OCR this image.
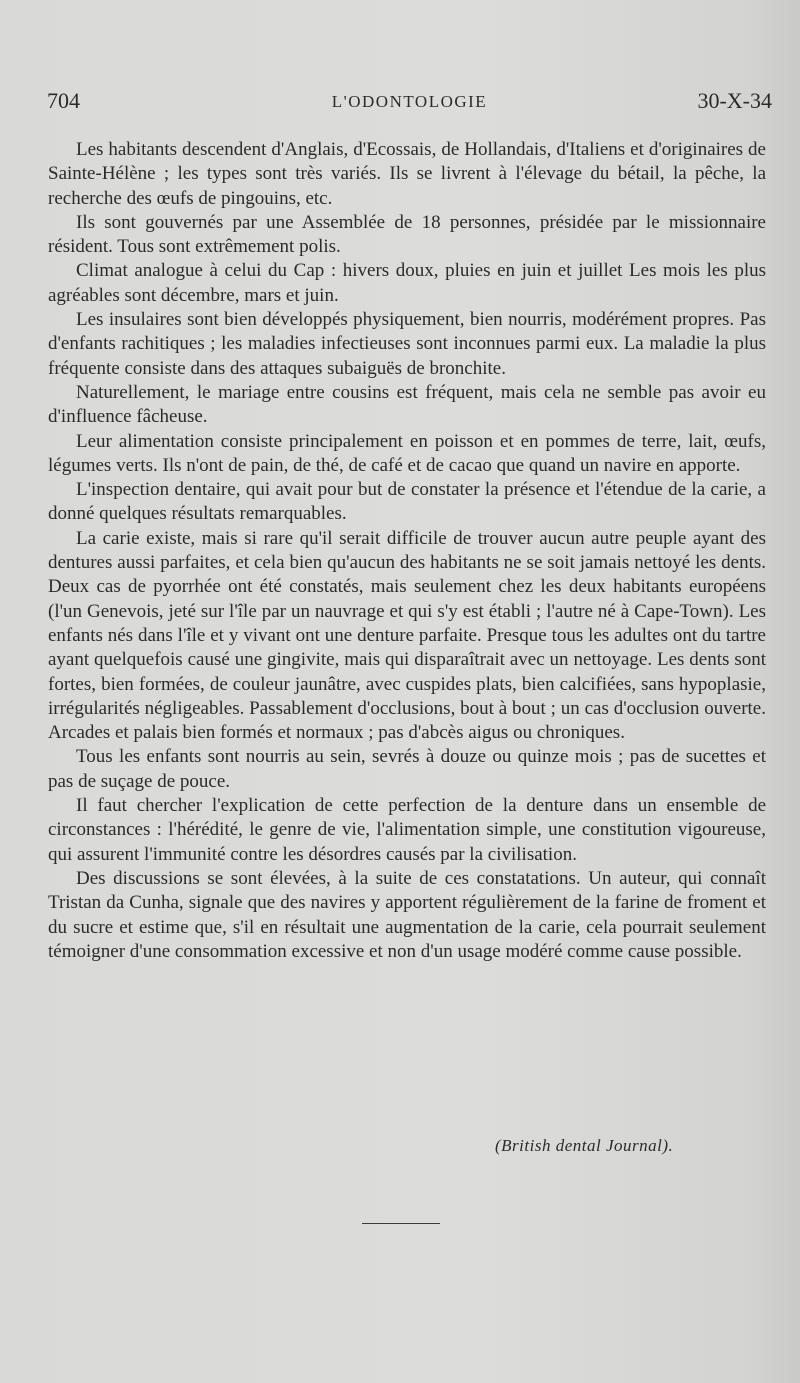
704	L'ODONTOLOGIE	30-X-34

Les habitants descendent d'Anglais, d'Ecossais, de Hollandais, d'Italiens et d'originaires de Sainte-Hélène ; les types sont très variés. Ils se livrent à l'élevage du bétail, la pêche, la recherche des œufs de pingouins, etc.

Ils sont gouvernés par une Assemblée de 18 personnes, présidée par le missionnaire résident. Tous sont extrêmement polis.

Climat analogue à celui du Cap : hivers doux, pluies en juin et juillet Les mois les plus agréables sont décembre, mars et juin.

Les insulaires sont bien développés physiquement, bien nourris, modérément propres. Pas d'enfants rachitiques ; les maladies infectieuses sont inconnues parmi eux. La maladie la plus fréquente consiste dans des attaques subaiguës de bronchite.

Naturellement, le mariage entre cousins est fréquent, mais cela ne semble pas avoir eu d'influence fâcheuse.

Leur alimentation consiste principalement en poisson et en pommes de terre, lait, œufs, légumes verts. Ils n'ont de pain, de thé, de café et de cacao que quand un navire en apporte.

L'inspection dentaire, qui avait pour but de constater la présence et l'étendue de la carie, a donné quelques résultats remarquables.

La carie existe, mais si rare qu'il serait difficile de trouver aucun autre peuple ayant des dentures aussi parfaites, et cela bien qu'aucun des habitants ne se soit jamais nettoyé les dents. Deux cas de pyorrhée ont été constatés, mais seulement chez les deux habitants européens (l'un Genevois, jeté sur l'île par un nauvrage et qui s'y est établi ; l'autre né à Cape-Town). Les enfants nés dans l'île et y vivant ont une denture parfaite. Presque tous les adultes ont du tartre ayant quelquefois causé une gingivite, mais qui disparaîtrait avec un nettoyage. Les dents sont fortes, bien formées, de couleur jaunâtre, avec cuspides plats, bien calcifiées, sans hypoplasie, irrégularités négligeables. Passablement d'occlusions, bout à bout ; un cas d'occlusion ouverte. Arcades et palais bien formés et normaux ; pas d'abcès aigus ou chroniques.

Tous les enfants sont nourris au sein, sevrés à douze ou quinze mois ; pas de sucettes et pas de suçage de pouce.

Il faut chercher l'explication de cette perfection de la denture dans un ensemble de circonstances : l'hérédité, le genre de vie, l'alimentation simple, une constitution vigoureuse, qui assurent l'immunité contre les désordres causés par la civilisation.

Des discussions se sont élevées, à la suite de ces constatations. Un auteur, qui connaît Tristan da Cunha, signale que des navires y apportent régulièrement de la farine de froment et du sucre et estime que, s'il en résultait une augmentation de la carie, cela pourrait seulement témoigner d'une consommation excessive et non d'un usage modéré comme cause possible.

(British dental Journal).
